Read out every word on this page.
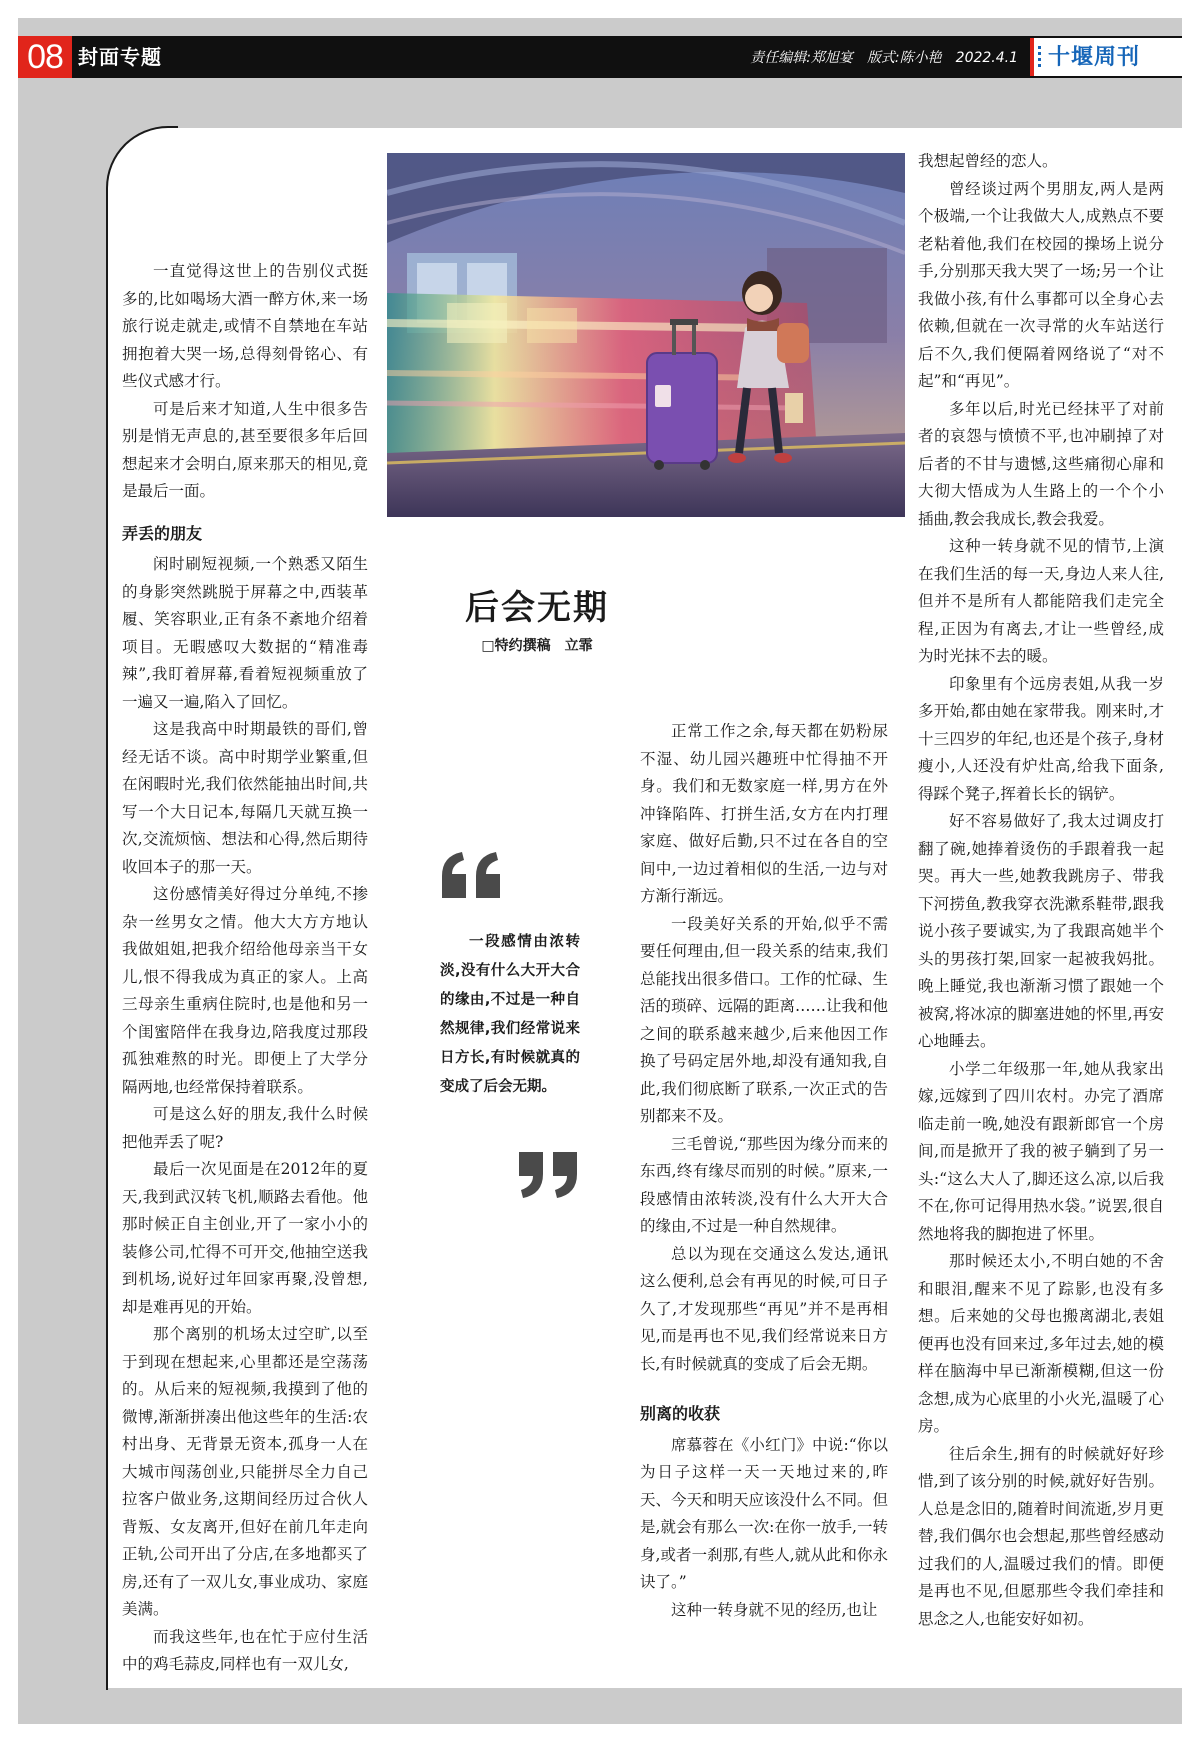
08 封面专题	责任编辑:郑旭宴 版式:陈小艳 2022.4.1 十堰周刊

一直觉得这世上的告别仪式挺多的,比如喝场大酒一醉方休,来一场旅行说走就走,或情不自禁地在车站拥抱着大哭一场,总得刻骨铭心、有些仪式感才行。

可是后来才知道,人生中很多告别是悄无声息的,甚至要很多年后回想起来才会明白,原来那天的相见,竟是最后一面。

弄丢的朋友

闲时刷短视频,一个熟悉又陌生的身影突然跳脱于屏幕之中,西装革履、笑容职业,正有条不紊地介绍着项目。无暇感叹大数据的“精准毒辣”,我盯着屏幕,看着短视频重放了一遍又一遍,陷入了回忆。

这是我高中时期最铁的哥们,曾经无话不谈。高中时期学业繁重,但在闲暇时光,我们依然能抽出时间,共写一个大日记本,每隔几天就互换一次,交流烦恼、想法和心得,然后期待收回本子的那一天。

这份感情美好得过分单纯,不掺杂一丝男女之情。他大大方方地认我做姐姐,把我介绍给他母亲当干女儿,恨不得我成为真正的家人。上高三母亲生重病住院时,也是他和另一个闺蜜陪伴在我身边,陪我度过那段孤独难熬的时光。即便上了大学分隔两地,也经常保持着联系。

可是这么好的朋友,我什么时候把他弄丢了呢?

最后一次见面是在2012年的夏天,我到武汉转飞机,顺路去看他。他那时候正自主创业,开了一家小小的装修公司,忙得不可开交,他抽空送我到机场,说好过年回家再聚,没曾想,却是难再见的开始。

那个离别的机场太过空旷,以至于到现在想起来,心里都还是空荡荡的。从后来的短视频,我摸到了他的微博,渐渐拼凑出他这些年的生活:农村出身、无背景无资本,孤身一人在大城市闯荡创业,只能拼尽全力自己拉客户做业务,这期间经历过合伙人背叛、女友离开,但好在前几年走向正轨,公司开出了分店,在多地都买了房,还有了一双儿女,事业成功、家庭美满。

而我这些年,也在忙于应付生活中的鸡毛蒜皮,同样也有一双儿女,

后会无期
□特约撰稿　立霏

一段感情由浓转淡,没有什么大开大合的缘由,不过是一种自然规律,我们经常说来日方长,有时候就真的变成了后会无期。

正常工作之余,每天都在奶粉尿不湿、幼儿园兴趣班中忙得抽不开身。我们和无数家庭一样,男方在外冲锋陷阵、打拼生活,女方在内打理家庭、做好后勤,只不过在各自的空间中,一边过着相似的生活,一边与对方渐行渐远。

一段美好关系的开始,似乎不需要任何理由,但一段关系的结束,我们总能找出很多借口。工作的忙碌、生活的琐碎、远隔的距离……让我和他之间的联系越来越少,后来他因工作换了号码定居外地,却没有通知我,自此,我们彻底断了联系,一次正式的告别都来不及。

三毛曾说,“那些因为缘分而来的东西,终有缘尽而别的时候。”原来,一段感情由浓转淡,没有什么大开大合的缘由,不过是一种自然规律。

总以为现在交通这么发达,通讯这么便利,总会有再见的时候,可日子久了,才发现那些“再见”并不是再相见,而是再也不见,我们经常说来日方长,有时候就真的变成了后会无期。

别离的收获

席慕蓉在《小红门》中说:“你以为日子这样一天一天地过来的,昨天、今天和明天应该没什么不同。但是,就会有那么一次:在你一放手,一转身,或者一刹那,有些人,就从此和你永诀了。”

这种一转身就不见的经历,也让

我想起曾经的恋人。

曾经谈过两个男朋友,两人是两个极端,一个让我做大人,成熟点不要老粘着他,我们在校园的操场上说分手,分别那天我大哭了一场;另一个让我做小孩,有什么事都可以全身心去依赖,但就在一次寻常的火车站送行后不久,我们便隔着网络说了“对不起”和“再见”。

多年以后,时光已经抹平了对前者的哀怨与愤愤不平,也冲刷掉了对后者的不甘与遗憾,这些痛彻心扉和大彻大悟成为人生路上的一个个小插曲,教会我成长,教会我爱。

这种一转身就不见的情节,上演在我们生活的每一天,身边人来人往,但并不是所有人都能陪我们走完全程,正因为有离去,才让一些曾经,成为时光抹不去的暖。

印象里有个远房表姐,从我一岁多开始,都由她在家带我。刚来时,才十三四岁的年纪,也还是个孩子,身材瘦小,人还没有炉灶高,给我下面条,得踩个凳子,挥着长长的锅铲。

好不容易做好了,我太过调皮打翻了碗,她捧着烫伤的手跟着我一起哭。再大一些,她教我跳房子、带我下河捞鱼,教我穿衣洗漱系鞋带,跟我说小孩子要诚实,为了我跟高她半个头的男孩打架,回家一起被我妈批。晚上睡觉,我也渐渐习惯了跟她一个被窝,将冰凉的脚塞进她的怀里,再安心地睡去。

小学二年级那一年,她从我家出嫁,远嫁到了四川农村。办完了酒席临走前一晚,她没有跟新郎官一个房间,而是掀开了我的被子躺到了另一头:“这么大人了,脚还这么凉,以后我不在,你可记得用热水袋。”说罢,很自然地将我的脚抱进了怀里。

那时候还太小,不明白她的不舍和眼泪,醒来不见了踪影,也没有多想。后来她的父母也搬离湖北,表姐便再也没有回来过,多年过去,她的模样在脑海中早已渐渐模糊,但这一份念想,成为心底里的小火光,温暖了心房。

往后余生,拥有的时候就好好珍惜,到了该分别的时候,就好好告别。人总是念旧的,随着时间流逝,岁月更替,我们偶尔也会想起,那些曾经感动过我们的人,温暖过我们的情。即便是再也不见,但愿那些令我们牵挂和思念之人,也能安好如初。
